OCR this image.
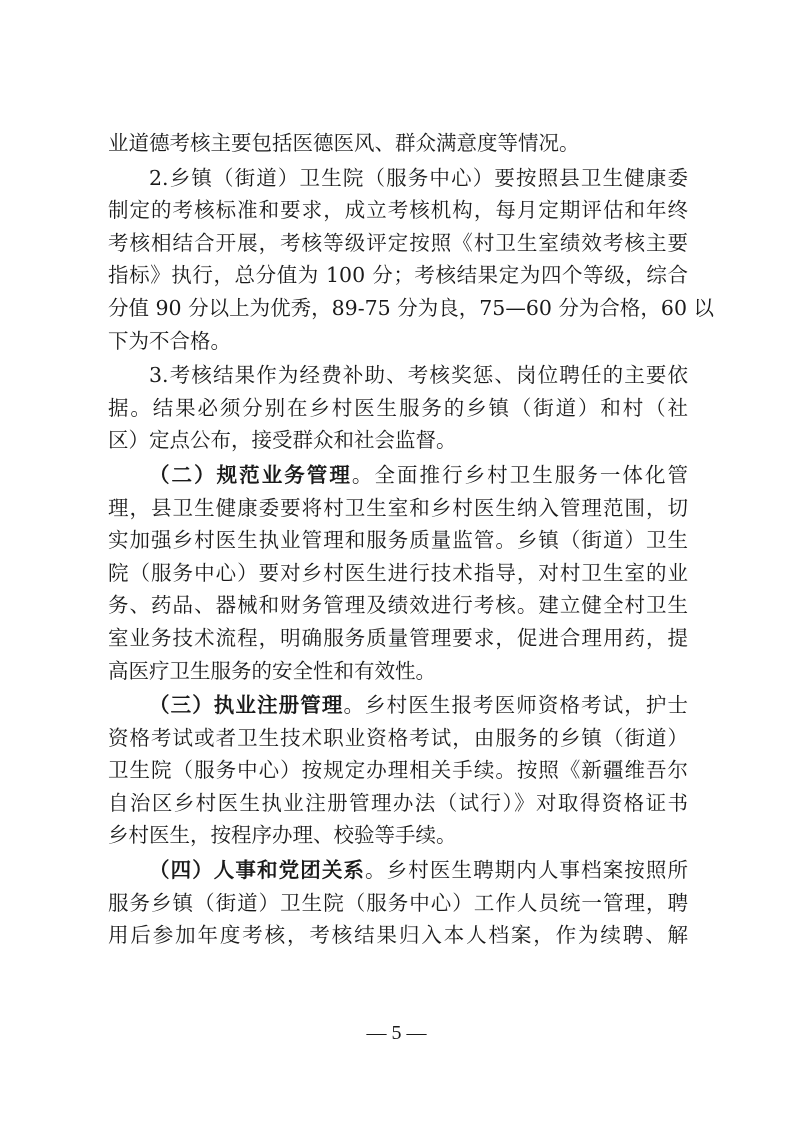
业道德考核主要包括医德医风、群众满意度等情况。
2.乡镇（街道）卫生院（服务中心）要按照县卫生健康委
制定的考核标准和要求，成立考核机构，每月定期评估和年终
考核相结合开展，考核等级评定按照《村卫生室绩效考核主要
指标》执行，总分值为 100 分；考核结果定为四个等级，综合
分值 90 分以上为优秀，89-75 分为良，75—60 分为合格，60 以
下为不合格。
3.考核结果作为经费补助、考核奖惩、岗位聘任的主要依
据。结果必须分别在乡村医生服务的乡镇（街道）和村（社
区）定点公布，接受群众和社会监督。
（二）规范业务管理。全面推行乡村卫生服务一体化管
理，县卫生健康委要将村卫生室和乡村医生纳入管理范围，切
实加强乡村医生执业管理和服务质量监管。乡镇（街道）卫生
院（服务中心）要对乡村医生进行技术指导，对村卫生室的业
务、药品、器械和财务管理及绩效进行考核。建立健全村卫生
室业务技术流程，明确服务质量管理要求，促进合理用药，提
高医疗卫生服务的安全性和有效性。
（三）执业注册管理。乡村医生报考医师资格考试，护士
资格考试或者卫生技术职业资格考试，由服务的乡镇（街道）
卫生院（服务中心）按规定办理相关手续。按照《新疆维吾尔
自治区乡村医生执业注册管理办法（试行）》对取得资格证书
乡村医生，按程序办理、校验等手续。
（四）人事和党团关系。乡村医生聘期内人事档案按照所
服务乡镇（街道）卫生院（服务中心）工作人员统一管理，聘
用后参加年度考核，考核结果归入本人档案，作为续聘、解
— 5 —
